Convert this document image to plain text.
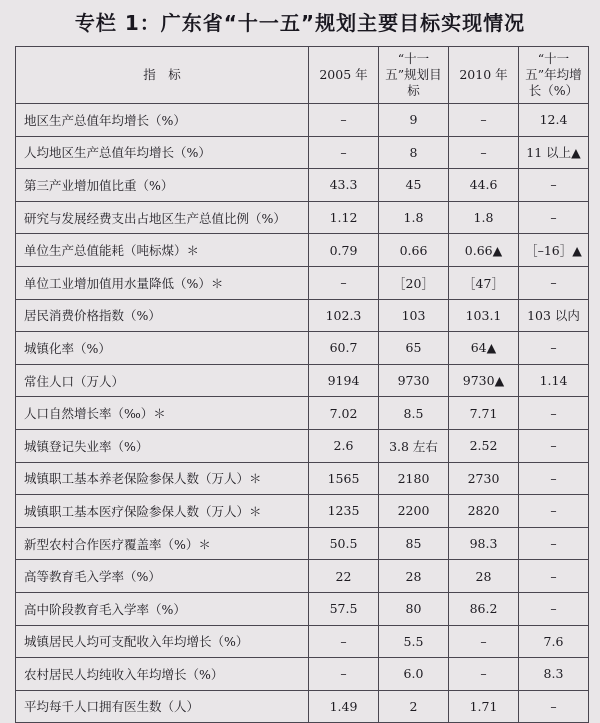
专栏 1：广东省“十一五”规划主要目标实现情况
指　标	2005 年	“十一五”规划目标	2010 年	“十一五”年均增长（%）
地区生产总值年均增长（%）	–	9	–	12.4
人均地区生产总值年均增长（%）	–	8	–	11 以上▲
第三产业增加值比重（%）	43.3	45	44.6	–
研究与发展经费支出占地区生产总值比例（%）	1.12	1.8	1.8	–
单位生产总值能耗（吨标煤）＊	0.79	0.66	0.66▲	［–16］▲
单位工业增加值用水量降低（%）＊	–	［20］	［47］	–
居民消费价格指数（%）	102.3	103	103.1	103 以内
城镇化率（%）	60.7	65	64▲	–
常住人口（万人）	9194	9730	9730▲	1.14
人口自然增长率（‰）＊	7.02	8.5	7.71	–
城镇登记失业率（%）	2.6	3.8 左右	2.52	–
城镇职工基本养老保险参保人数（万人）＊	1565	2180	2730	–
城镇职工基本医疗保险参保人数（万人）＊	1235	2200	2820	–
新型农村合作医疗覆盖率（%）＊	50.5	85	98.3	–
高等教育毛入学率（%）	22	28	28	–
高中阶段教育毛入学率（%）	57.5	80	86.2	–
城镇居民人均可支配收入年均增长（%）	–	5.5	–	7.6
农村居民人均纯收入年均增长（%）	–	6.0	–	8.3
平均每千人口拥有医生数（人）	1.49	2	1.71	–
